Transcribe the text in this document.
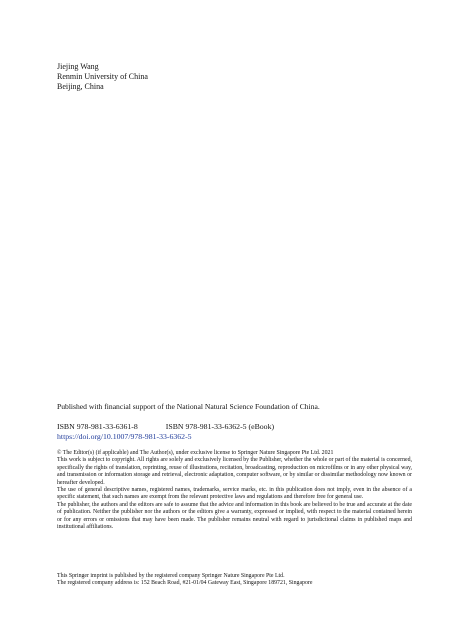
Jiejing Wang
Renmin University of China
Beijing, China
Published with financial support of the National Natural Science Foundation of China.
ISBN 978-981-33-6361-8	ISBN 978-981-33-6362-5 (eBook)
https://doi.org/10.1007/978-981-33-6362-5

© The Editor(s) (if applicable) and The Author(s), under exclusive license to Springer Nature Singapore Pte Ltd. 2021

This work is subject to copyright. All rights are solely and exclusively licensed by the Publisher, whether the whole or part of the material is concerned, specifically the rights of translation, reprinting, reuse of illustrations, recitation, broadcasting, reproduction on microfilms or in any other physical way, and transmission or information storage and retrieval, electronic adaptation, computer software, or by similar or dissimilar methodology now known or hereafter developed.

The use of general descriptive names, registered names, trademarks, service marks, etc. in this publication does not imply, even in the absence of a specific statement, that such names are exempt from the relevant protective laws and regulations and therefore free for general use.

The publisher, the authors and the editors are safe to assume that the advice and information in this book are believed to be true and accurate at the date of publication. Neither the publisher nor the authors or the editors give a warranty, expressed or implied, with respect to the material contained herein or for any errors or omissions that may have been made. The publisher remains neutral with regard to jurisdictional claims in published maps and institutional affiliations.

This Springer imprint is published by the registered company Springer Nature Singapore Pte Ltd.

The registered company address is: 152 Beach Road, #21-01/04 Gateway East, Singapore 189721, Singapore
